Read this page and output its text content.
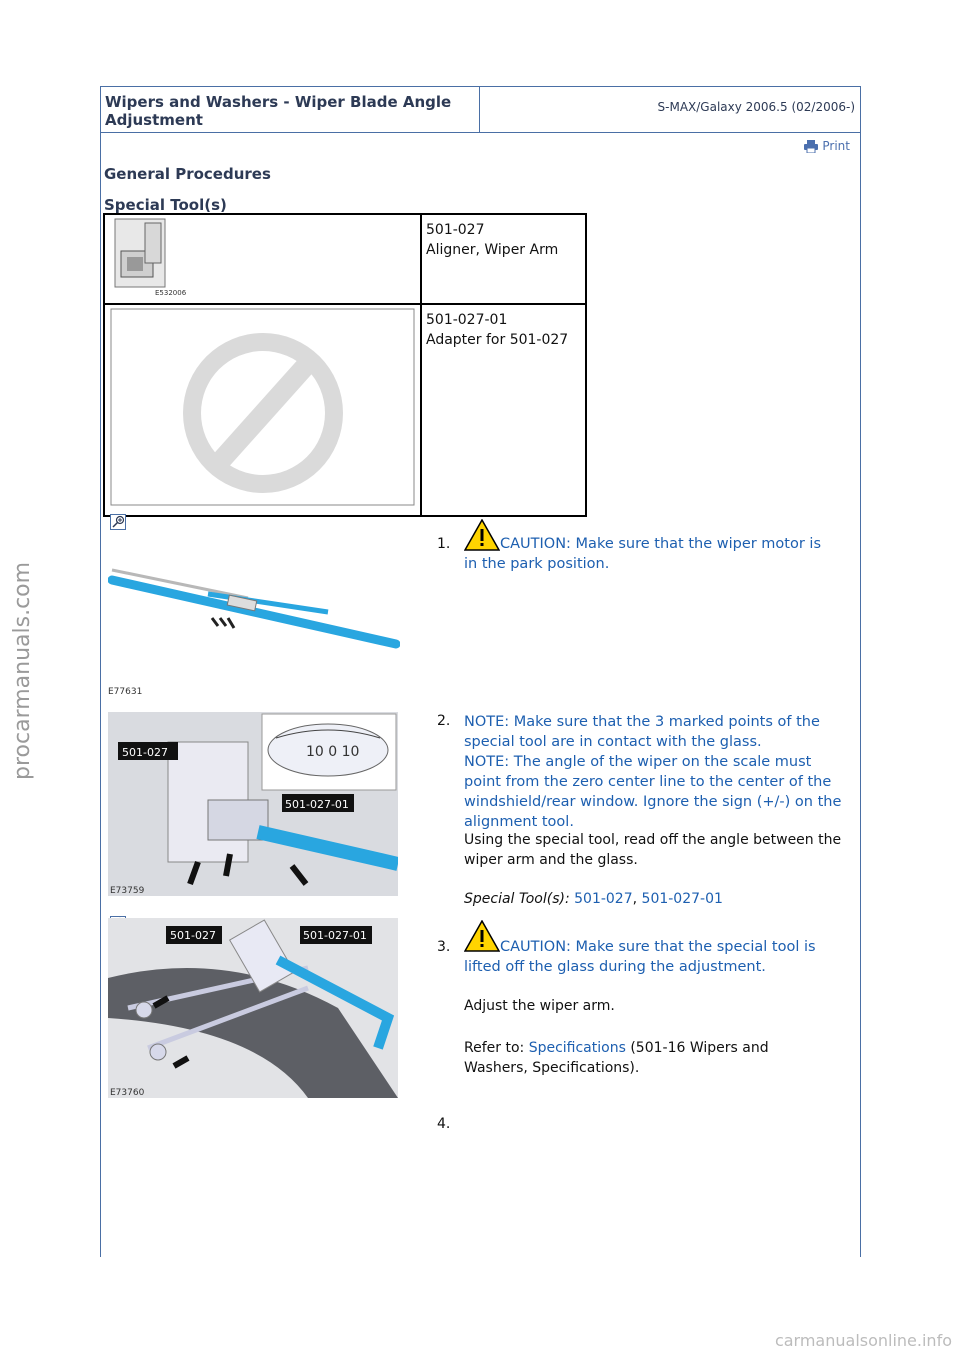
Wipers and Washers - Wiper Blade Angle Adjustment
S-MAX/Galaxy 2006.5 (02/2006-)
Print
General Procedures
Special Tool(s)
E532006	501-027
Aligner, Wiper Arm

501-027-01
Adapter for 501-027
E77631
1.	CAUTION: Make sure that the wiper motor is in the park position.
10 0 10
501-027
501-027-01
E73759
2. NOTE: Make sure that the 3 marked points of the special tool are in contact with the glass.
NOTE: The angle of the wiper on the scale must point from the zero center line to the center of the windshield/rear window. Ignore the sign (+/-) on the alignment tool.
Using the special tool, read off the angle between the wiper arm and the glass.
Special Tool(s): 501-027, 501-027-01
501-027	501-027-01
E73760
3.	CAUTION: Make sure that the special tool is lifted off the glass during the adjustment.
Adjust the wiper arm.
Refer to: Specifications (501-16 Wipers and Washers, Specifications).
4.
procarmanuals.com
carmanualsonline.info
